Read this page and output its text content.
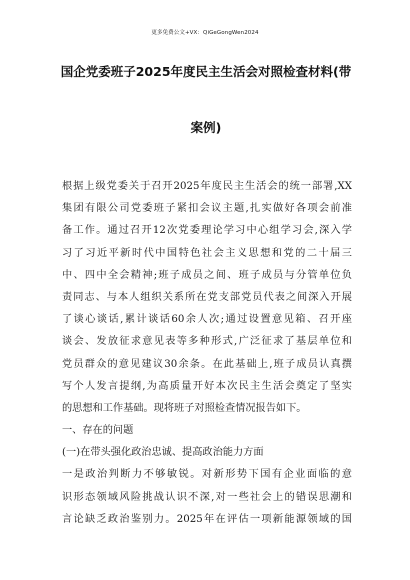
更多免费公文+VX：QiGeGongWen2024
国企党委班子2025年度民主生活会对照检查材料(带
案例)
根据上级党委关于召开2025年度民主生活会的统一部署,XX
集团有限公司党委班子紧扣会议主题,扎实做好各项会前准
备工作。通过召开12次党委理论学习中心组学习会,深入学
习了习近平新时代中国特色社会主义思想和党的二十届三
中、四中全会精神;班子成员之间、班子成员与分管单位负
责同志、与本人组织关系所在党支部党员代表之间深入开展
了谈心谈话,累计谈话60余人次;通过设置意见箱、召开座
谈会、发放征求意见表等多种形式,广泛征求了基层单位和
党员群众的意见建议30余条。在此基础上,班子成员认真撰
写个人发言提纲,为高质量开好本次民主生活会奠定了坚实
的思想和工作基础。现将班子对照检查情况报告如下。
一、存在的问题
(一)在带头强化政治忠诚、提高政治能力方面
一是政治判断力不够敏锐。对新形势下国有企业面临的意
识形态领域风险挑战认识不深,对一些社会上的错误思潮和
言论缺乏政治鉴别力。2025年在评估一项新能源领域的国
